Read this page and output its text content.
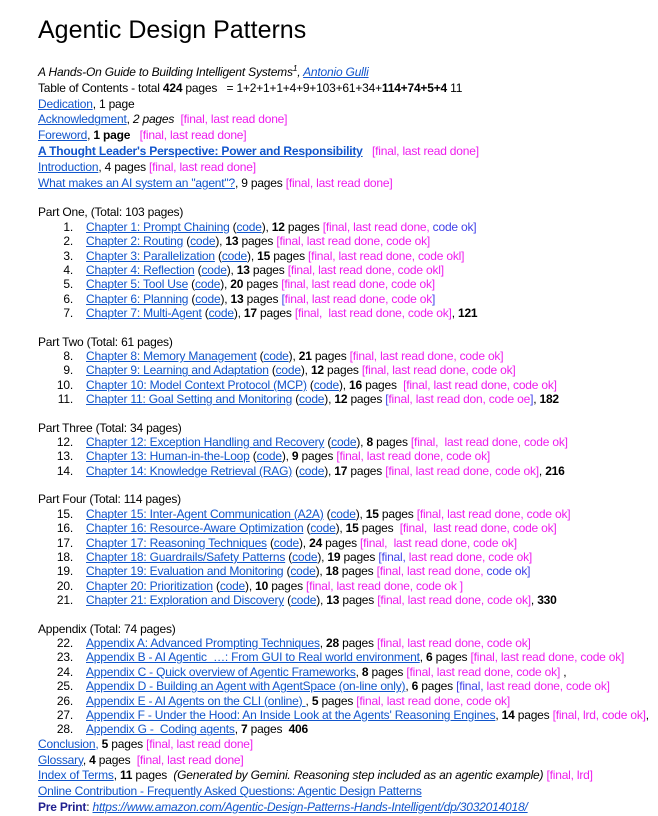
Agentic Design Patterns
A Hands-On Guide to Building Intelligent Systems$^1$, Antonio Gulli
Table of Contents - total 424 pages   = 1+2+1+1+4+9+103+61+34+114+74+5+4 11
Dedication, 1 page
Acknowledgment, 2 pages [final, last read done]
Foreword, 1 page [final, last read done]
A Thought Leader's Perspective: Power and Responsibility [final, last read done]
Introduction, 4 pages [final, last read done]
What makes an AI system an "agent"?, 9 pages [final, last read done]
Part One, (Total: 103 pages)
1.	Chapter 1: Prompt Chaining (code), 12 pages [final, last read done, code ok]
2.	Chapter 2: Routing (code), 13 pages [final, last read done, code ok]
3.	Chapter 3: Parallelization (code), 15 pages [final, last read done, code okl]
4.	Chapter 4: Reflection (code), 13 pages [final, last read done, code okl]
5.	Chapter 5: Tool Use (code), 20 pages [final, last read done, code ok]
6.	Chapter 6: Planning (code), 13 pages [final, last read done, code ok]
7.	Chapter 7: Multi-Agent (code), 17 pages [final,  last read done, code ok], 121
Part Two (Total: 61 pages)
8.	Chapter 8: Memory Management (code), 21 pages [final, last read done, code ok]
9.	Chapter 9: Learning and Adaptation (code), 12 pages [final, last read done, code ok]
10.	Chapter 10: Model Context Protocol (MCP) (code), 16 pages  [final, last read done, code ok]
11.	Chapter 11: Goal Setting and Monitoring (code), 12 pages [final, last read don, code oe], 182
Part Three (Total: 34 pages)
12.	Chapter 12: Exception Handling and Recovery (code), 8 pages [final,  last read done, code ok]
13.	Chapter 13: Human-in-the-Loop (code), 9 pages [final, last read done, code ok]
14.	Chapter 14: Knowledge Retrieval (RAG) (code), 17 pages [final, last read done, code ok], 216
Part Four (Total: 114 pages)
15.	Chapter 15: Inter-Agent Communication (A2A) (code), 15 pages [final, last read done, code ok]
16.	Chapter 16: Resource-Aware Optimization (code), 15 pages  [final,  last read done, code ok]
17.	Chapter 17: Reasoning Techniques (code), 24 pages [final,  last read done, code ok]
18.	Chapter 18: Guardrails/Safety Patterns (code), 19 pages [final, last read done, code ok]
19.	Chapter 19: Evaluation and Monitoring (code), 18 pages [final, last read done, code ok]
20.	Chapter 20: Prioritization (code), 10 pages [final, last read done, code ok ]
21.	Chapter 21: Exploration and Discovery (code), 13 pages [final, last read done, code ok], 330
Appendix (Total: 74 pages)
22.	Appendix A: Advanced Prompting Techniques, 28 pages [final, last read done, code ok]
23.	Appendix B - AI Agentic  …: From GUI to Real world environment, 6 pages [final, last read done, code ok]
24.	Appendix C - Quick overview of Agentic Frameworks, 8 pages [final, last read done, code ok] ,
25.	Appendix D - Building an Agent with AgentSpace (on-line only), 6 pages [final, last read done, code ok]
26.	Appendix E - AI Agents on the CLI (online) , 5 pages [final, last read done, code ok]
27.	Appendix F - Under the Hood: An Inside Look at the Agents' Reasoning Engines, 14 pages [final, lrd, code ok],
28.	Appendix G -  Coding agents, 7 pages  406
Conclusion, 5 pages [final, last read done]
Glossary, 4 pages  [final, last read done]
Index of Terms, 11 pages  (Generated by Gemini. Reasoning step included as an agentic example) [final, lrd]
Online Contribution - Frequently Asked Questions: Agentic Design Patterns
Pre Print: https://www.amazon.com/Agentic-Design-Patterns-Hands-Intelligent/dp/3032014018/
